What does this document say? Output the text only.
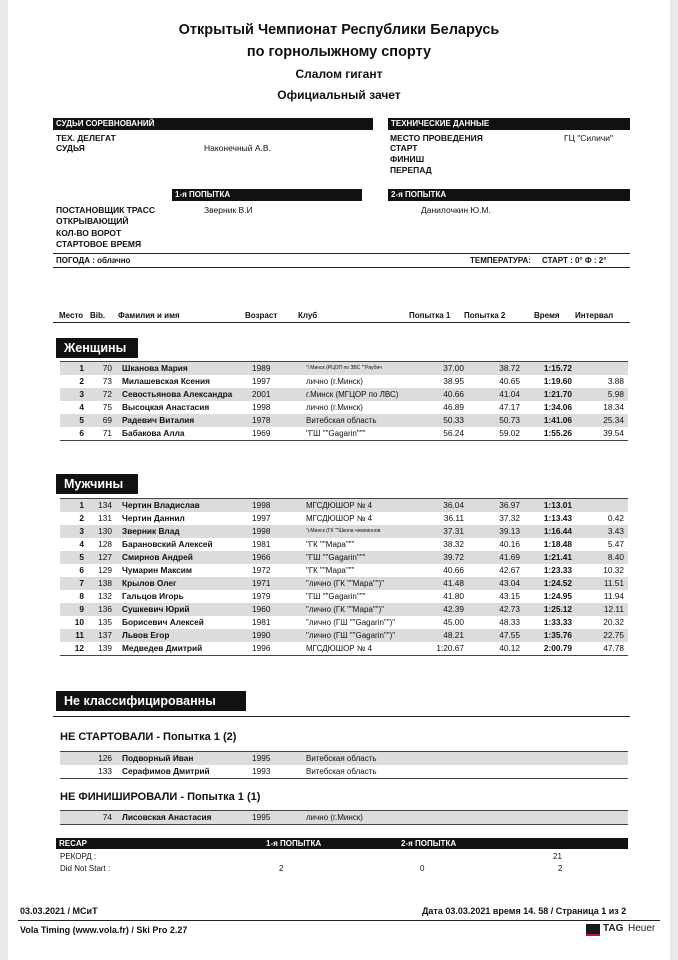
Открытый Чемпионат Республики Беларусь
по горнолыжному спорту
Слалом гигант
Официальный зачет
СУДЬИ СОРЕВНОВАНИЙ	ТЕХНИЧЕСКИЕ ДАННЫЕ
ТЕХ. ДЕЛЕГАТ
СУДЬЯ	Наконечный А.В.
МЕСТО ПРОВЕДЕНИЯ	ГЦ "Силичи"
СТАРТ
ФИНИШ
ПЕРЕПАД
1-я ПОПЫТКА	2-я ПОПЫТКА
ПОСТАНОВЩИК ТРАСС	Зверник В.И	Данилочкин Ю.М.
ОТКРЫВАЮЩИЙ
КОЛ-ВО ВОРОТ
СТАРТОВОЕ ВРЕМЯ
ПОГОДА : облачно	ТЕМПЕРАТУРА: СТАРТ : 0° Ф : 2°
Место Bib. Фамилия и имя	Возраст	Клуб	Попытка 1 Попытка 2	Время Интервал
Женщины
1	70 Шканова Мария	1989	"i Минск (РЦОП по ЗВС ""Раубич	37.00	38.72	1:15.72
2	73 Милашевская Ксения	1997	лично (г.Минск)	38.95	40.65	1:19.60	3.88
3	72 Севостьянова Александра 2001	г.Минск (МГЦОР по ЛВС)	40.66	41.04	1:21.70	5.98
4	75 Высоцкая Анастасия	1998	лично (г.Минск)	46.89	47.17	1:34.06	18.34
5	69 Радевич Виталия	1978	Витебская область	50.33	50.73	1:41.06	25.34
6	71 Бабакова Алла	1969	"ГШ ""Gagarin"""	56.24	59.02	1:55.26	39.54
Мужчины
1	134 Чертин Владислав	1998	МГСДЮШОР № 4	36.04	36.97	1:13.01
2	131 Чертин Даннил	1997	МГСДЮШОР № 4	36.11	37.32	1:13.43	0.42
3	130 Зверник Влад	1998	"г.Минск (ГК ""Школа чемпионов	37.31	39.13	1:16.44	3.43
4	128 Барановский Алексей	1981	"ГК ""Мара"""	38.32	40.16	1:18.48	5.47
5	127 Смирнов Андрей	1966	"ГШ ""Gagarin"""	39.72	41.69	1:21.41	8.40
6	129 Чумарин Максим	1972	"ГК ""Мара"""	40.66	42.67	1:23.33	10.32
7	138 Крылов Олег	1971	"лично (ГК ""Мара"")"	41.48	43.04	1:24.52	11.51
8	132 Гальцов Игорь	1979	"ГШ ""Gagarin"""	41.80	43.15	1:24.95	11.94
9	136 Сушкевич Юрий	1960	"лично (ГК ""Мара"")"	42.39	42.73	1:25.12	12.11
10	135 Борисевич Алексей	1981	"лично (ГШ ""Gagarin"")"	45.00	48.33	1:33.33	20.32
11	137 Львов Егор	1990	"лично (ГШ ""Gagarin"")"	48.21	47.55	1:35.76	22.75
12	139 Медведев Дмитрий	1996	МГСДЮШОР № 4	1:20.67	40.12	2:00.79	47.78
Не классифицированны
НЕ СТАРТОВАЛИ - Попытка 1 (2)
126 Подворный Иван	1995	Витебская область
133 Серафимов Дмитрий	1993	Витебская область
НЕ ФИНИШИРОВАЛИ - Попытка 1 (1)
74 Лисовская Анастасия	1995	лично (г.Минск)
RECAP	1-я ПОПЫТКА	2-я ПОПЫТКА
РЕКОРД :	21
Did Not Start :	2	0	2
03.03.2021 / МСиТ	Дата 03.03.2021 время 14. 58 / Страница 1 из 2
Vola Timing (www.vola.fr) / Ski Pro 2.27	TAG Heuer
